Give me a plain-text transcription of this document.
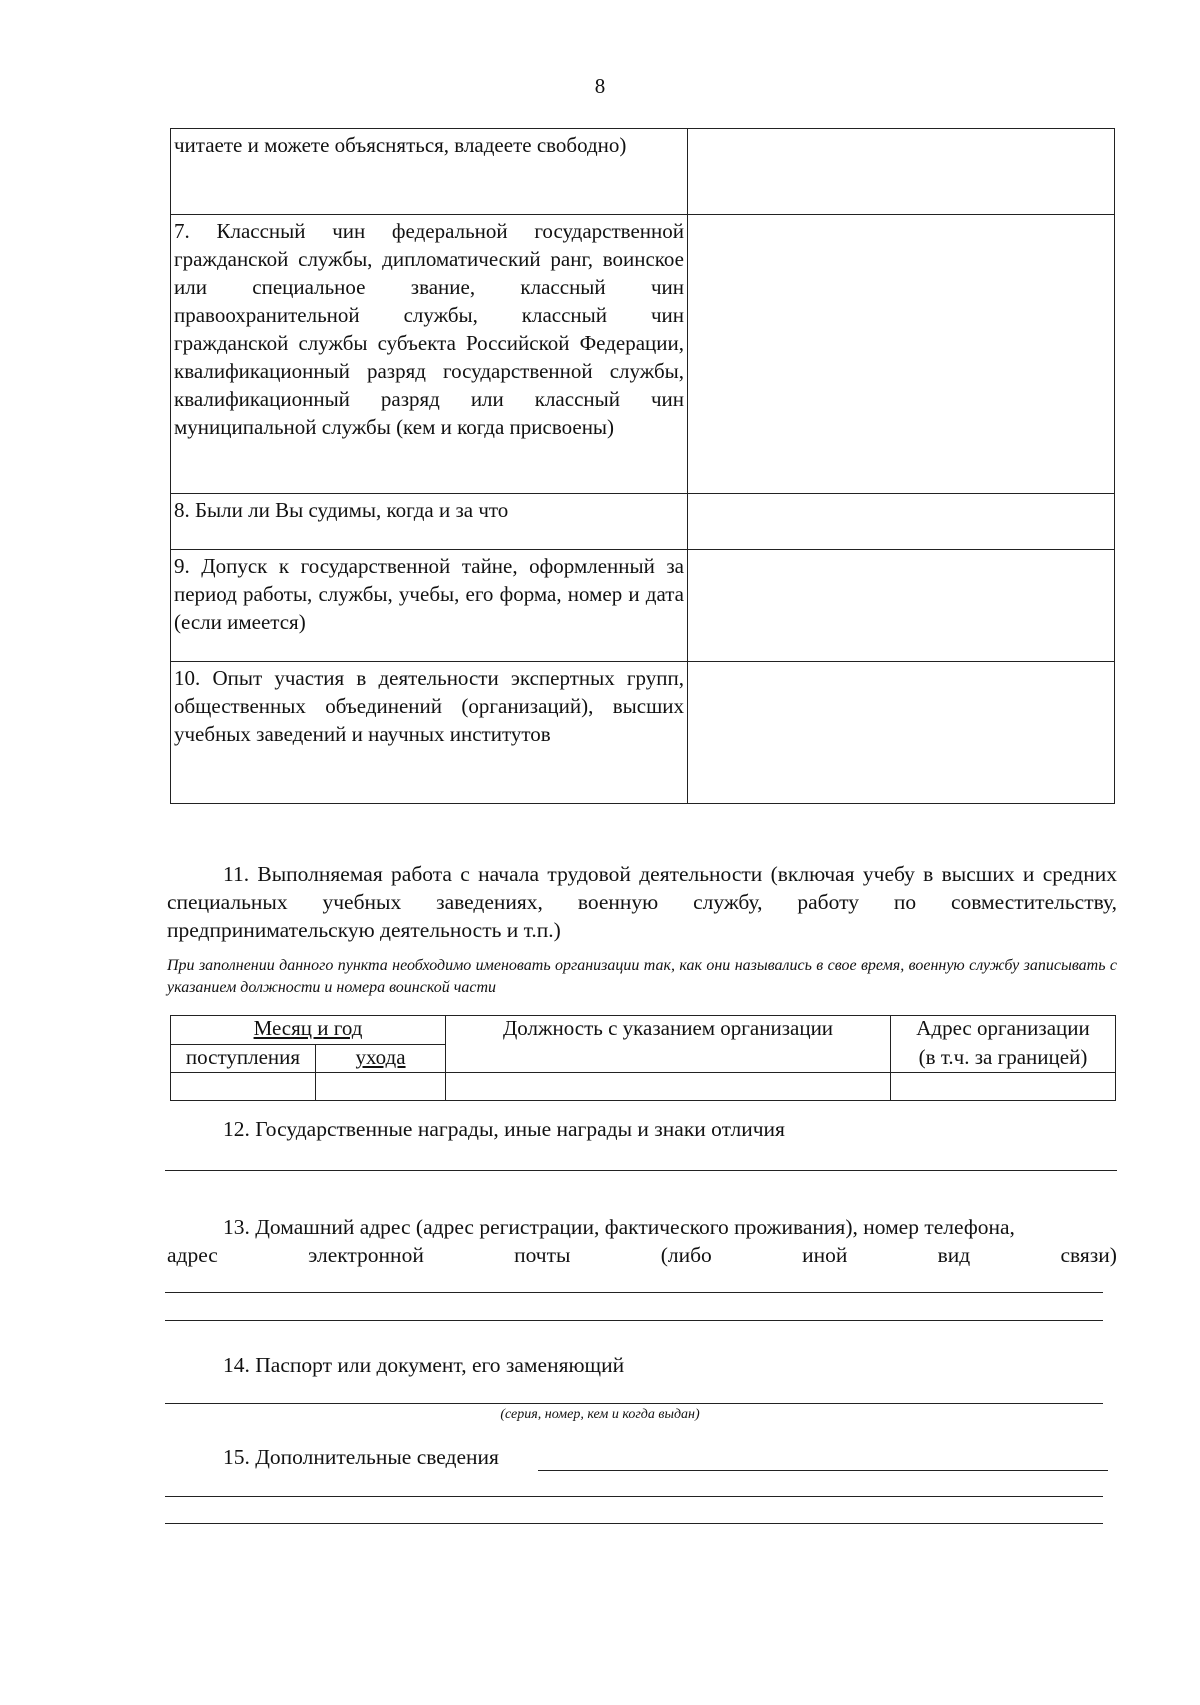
8
читаете и можете объясняться, владеете свободно)	
7. Классный чин федеральной государственной гражданской службы, дипломатический ранг, воинское или специальное звание, классный чин правоохранительной службы, классный чин гражданской службы субъекта Российской Федерации, квалификационный разряд государственной службы, квалификационный разряд или классный чин муниципальной службы (кем и когда присвоены)	
8. Были ли Вы судимы, когда и за что	
9. Допуск к государственной тайне, оформленный за период работы, службы, учебы, его форма, номер и дата (если имеется)	
10. Опыт участия в деятельности экспертных групп, общественных объединений (организаций), высших учебных заведений и научных институтов	
11. Выполняемая работа с начала трудовой деятельности (включая учебу в высших и средних специальных учебных заведениях, военную службу, работу по совместительству, предпринимательскую деятельность и т.п.)
При заполнении данного пункта необходимо именовать организации так, как они назывались в свое время, военную службу записывать с указанием должности и номера воинской части
Месяц и год		Должность с указанием организации	Адрес организации
поступления	ухода		(в т.ч. за границей)

12. Государственные награды, иные награды и знаки отличия
13. Домашний адрес (адрес регистрации, фактического проживания), номер телефона,
адрес	электронной	почты	(либо	иной	вид	связи)
14. Паспорт или документ, его заменяющий
(серия, номер, кем и когда выдан)
15. Дополнительные сведения
